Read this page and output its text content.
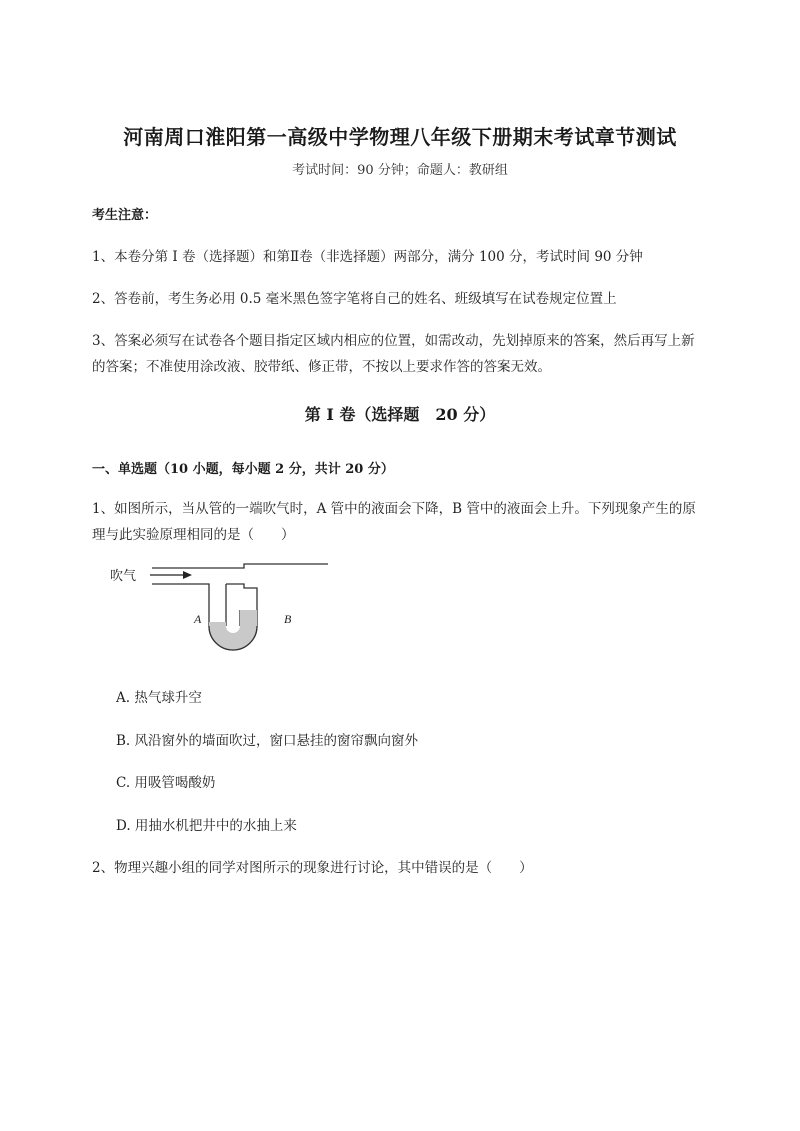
河南周口淮阳第一高级中学物理八年级下册期末考试章节测试
考试时间：90 分钟；命题人：教研组
考生注意：
1、本卷分第 I 卷（选择题）和第Ⅱ卷（非选择题）两部分，满分 100 分，考试时间 90 分钟
2、答卷前，考生务必用 0.5 毫米黑色签字笔将自己的姓名、班级填写在试卷规定位置上
3、答案必须写在试卷各个题目指定区域内相应的位置，如需改动，先划掉原来的答案，然后再写上新
的答案；不准使用涂改液、胶带纸、修正带，不按以上要求作答的答案无效。
第 I 卷（选择题　20 分）
一、单选题（10 小题，每小题 2 分，共计 20 分）
1、如图所示，当从管的一端吹气时，A 管中的液面会下降，B 管中的液面会上升。下列现象产生的原
理与此实验原理相同的是（　　）
吹气
A	B
A. 热气球升空
B. 风沿窗外的墙面吹过，窗口悬挂的窗帘飘向窗外
C. 用吸管喝酸奶
D. 用抽水机把井中的水抽上来
2、物理兴趣小组的同学对图所示的现象进行讨论，其中错误的是（　　）
